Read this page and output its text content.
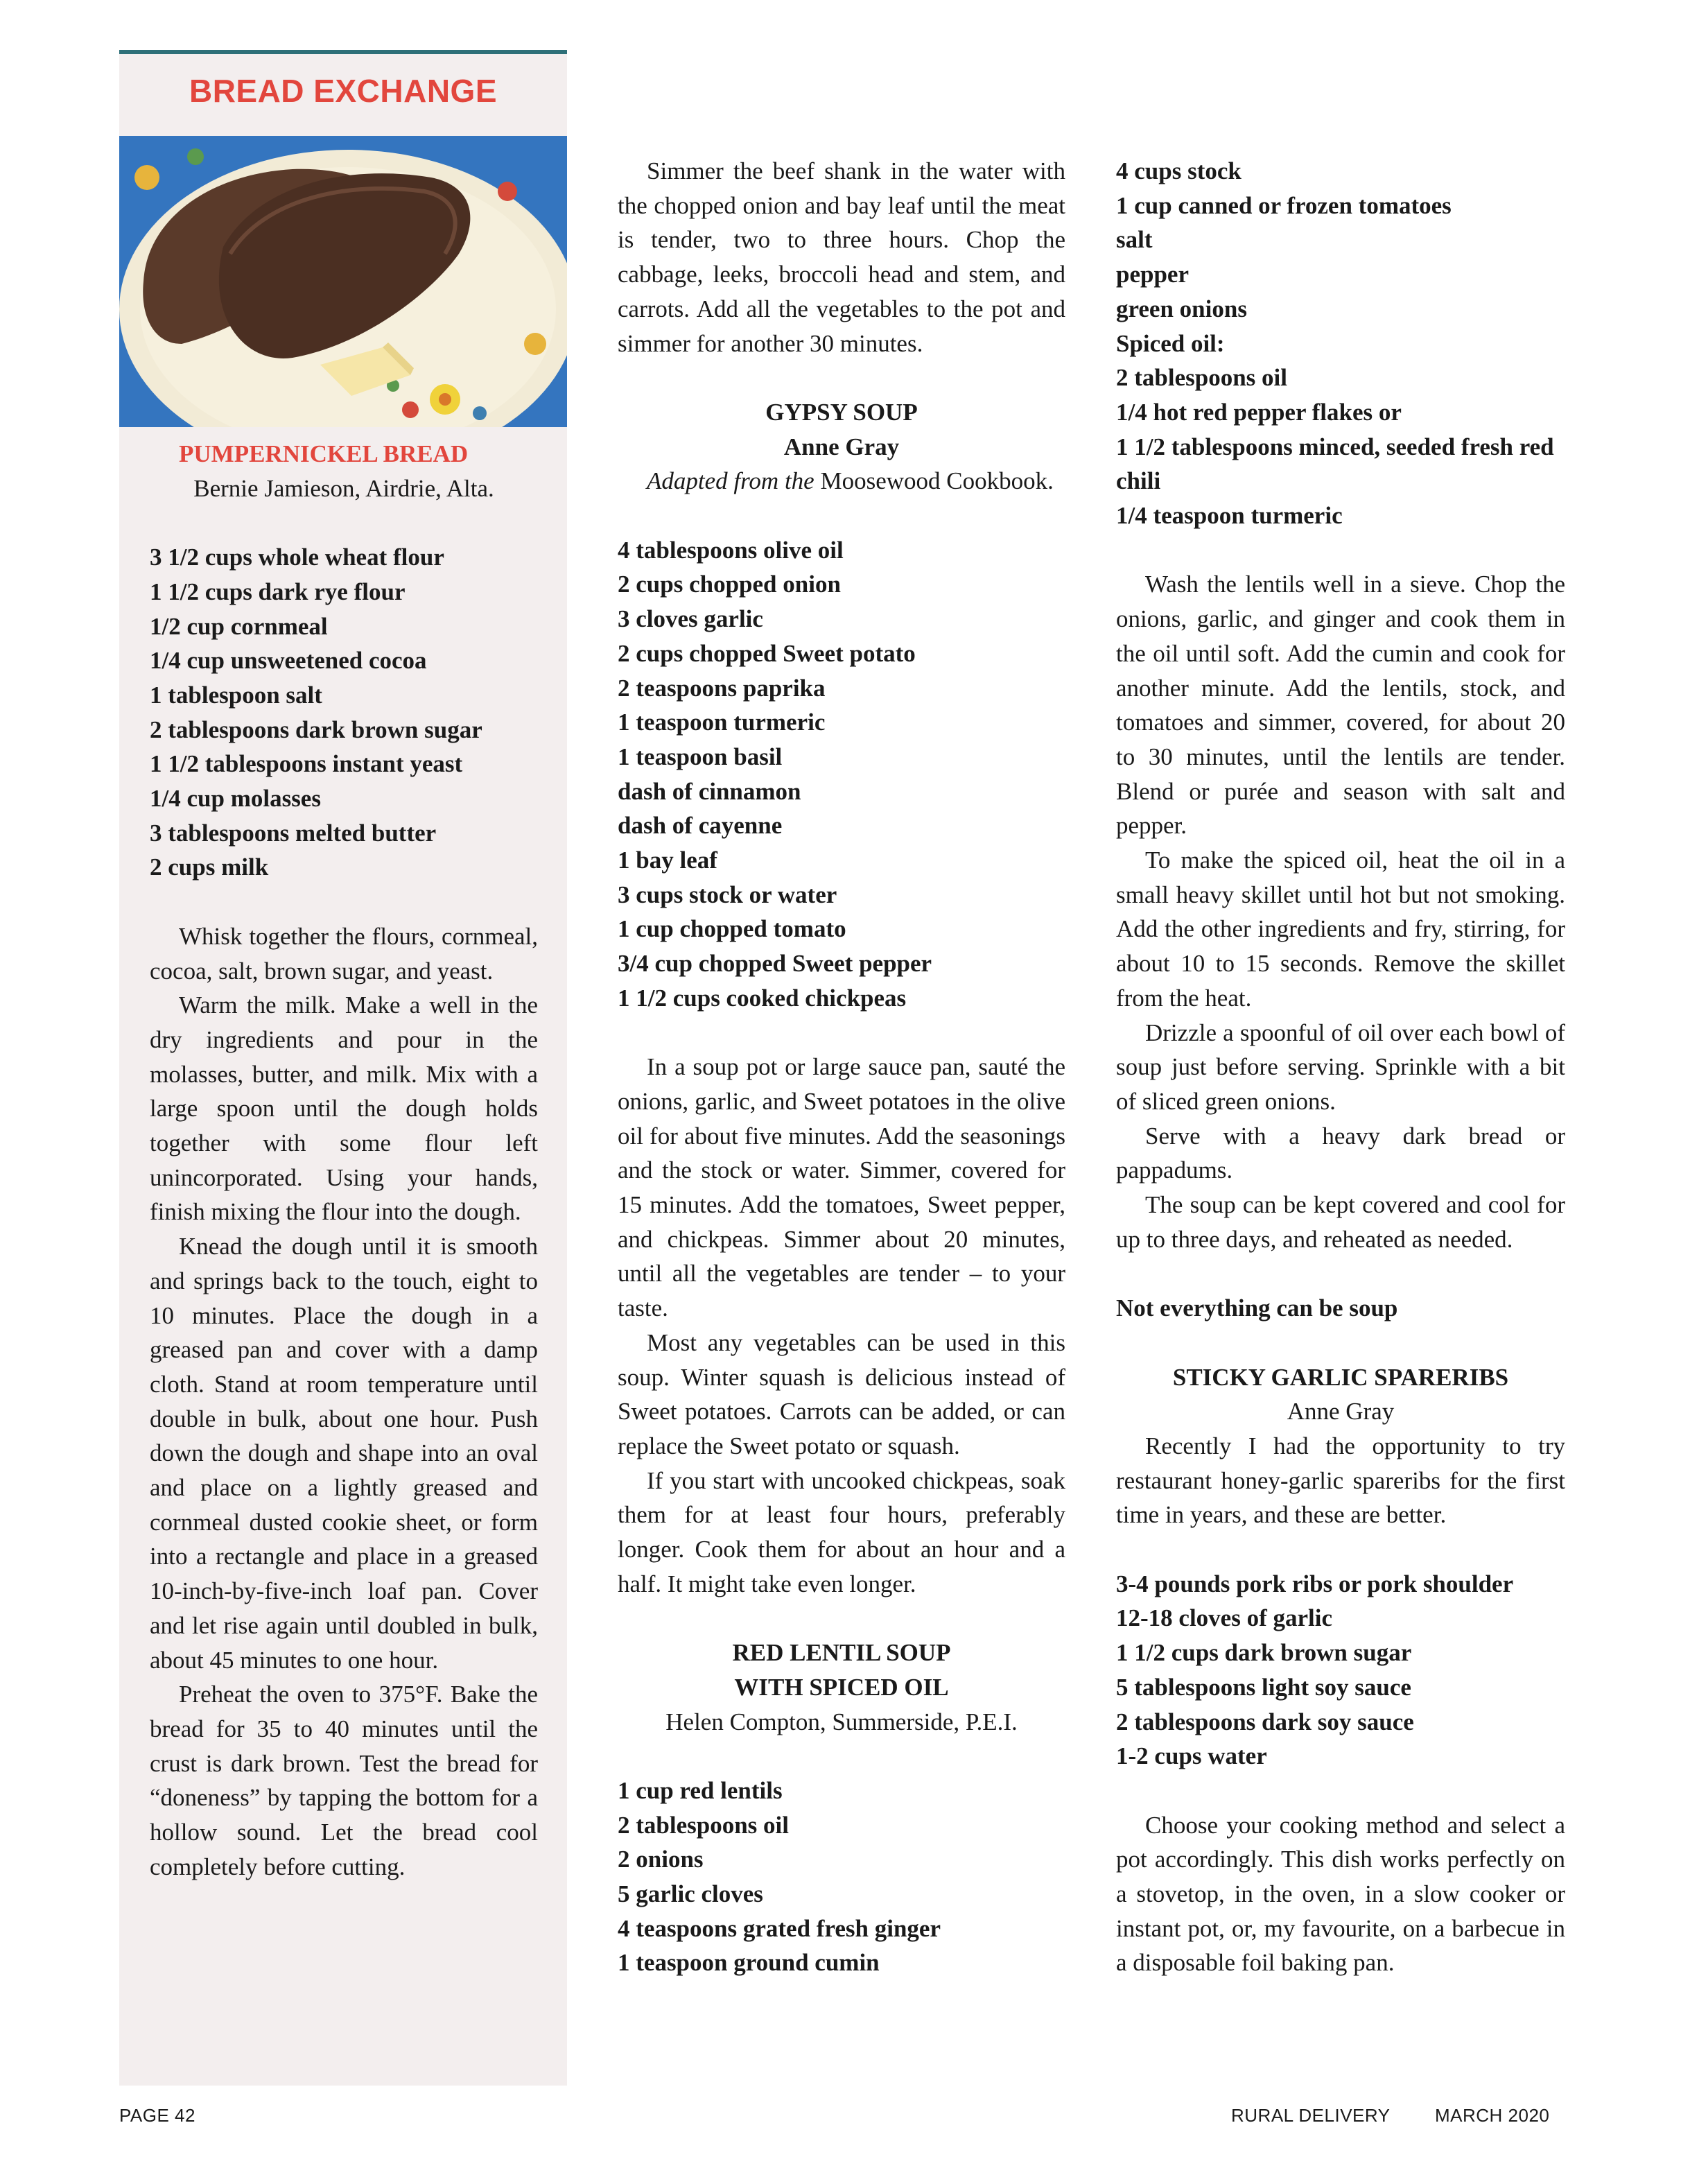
BREAD EXCHANGE

PUMPERNICKEL BREAD

Bernie Jamieson, Airdrie, Alta.

3 1/2 cups whole wheat flour

1 1/2 cups dark rye flour

1/2 cup cornmeal

1/4 cup unsweetened cocoa

1 tablespoon salt

2 tablespoons dark brown sugar

1 1/2 tablespoons instant yeast

1/4 cup molasses

3 tablespoons melted butter

2 cups milk

Whisk together the flours, cornmeal, cocoa, salt, brown sugar, and yeast.

Warm the milk. Make a well in the dry ingredients and pour in the molasses, butter, and milk. Mix with a large spoon until the dough holds together with some flour left unincorporated. Using your hands, finish mixing the flour into the dough.

Knead the dough until it is smooth and springs back to the touch, eight to 10 minutes. Place the dough in a greased pan and cover with a damp cloth. Stand at room temperature until double in bulk, about one hour. Push down the dough and shape into an oval and place on a lightly greased and cornmeal dusted cookie sheet, or form into a rectangle and place in a greased 10-inch-by-five-inch loaf pan. Cover and let rise again until doubled in bulk, about 45 minutes to one hour.

Preheat the oven to 375°F. Bake the bread for 35 to 40 minutes until the crust is dark brown. Test the bread for “doneness” by tapping the bottom for a hollow sound. Let the bread cool completely before cutting.

Simmer the beef shank in the water with the chopped onion and bay leaf until the meat is tender, two to three hours. Chop the cabbage, leeks, broccoli head and stem, and carrots. Add all the vegetables to the pot and simmer for another 30 minutes.

GYPSY SOUP

Anne Gray

Adapted from the Moosewood Cookbook.

4 tablespoons olive oil

2 cups chopped onion

3 cloves garlic

2 cups chopped Sweet potato

2 teaspoons paprika

1 teaspoon turmeric

1 teaspoon basil

dash of cinnamon

dash of cayenne

1 bay leaf

3 cups stock or water

1 cup chopped tomato

3/4 cup chopped Sweet pepper

1 1/2 cups cooked chickpeas

In a soup pot or large sauce pan, sauté the onions, garlic, and Sweet potatoes in the olive oil for about five minutes. Add the seasonings and the stock or water. Simmer, covered for 15 minutes. Add the tomatoes, Sweet pepper, and chickpeas. Simmer about 20 minutes, until all the vegetables are tender – to your taste.

Most any vegetables can be used in this soup. Winter squash is delicious instead of Sweet potatoes. Carrots can be added, or can replace the Sweet potato or squash.

If you start with uncooked chickpeas, soak them for at least four hours, preferably longer. Cook them for about an hour and a half. It might take even longer.

RED LENTIL SOUP

WITH SPICED OIL

Helen Compton, Summerside, P.E.I.

1 cup red lentils

2 tablespoons oil

2 onions

5 garlic cloves

4 teaspoons grated fresh ginger

1 teaspoon ground cumin

4 cups stock

1 cup canned or frozen tomatoes

salt

pepper

green onions

Spiced oil:

2 tablespoons oil

1/4 hot red pepper flakes or

1 1/2 tablespoons minced, seeded fresh red chili

1/4 teaspoon turmeric

Wash the lentils well in a sieve. Chop the onions, garlic, and ginger and cook them in the oil until soft. Add the cumin and cook for another minute. Add the lentils, stock, and tomatoes and simmer, covered, for about 20 to 30 minutes, until the lentils are tender. Blend or purée and season with salt and pepper.

To make the spiced oil, heat the oil in a small heavy skillet until hot but not smoking. Add the other ingredients and fry, stirring, for about 10 to 15 seconds. Remove the skillet from the heat.

Drizzle a spoonful of oil over each bowl of soup just before serving. Sprinkle with a bit of sliced green onions.

Serve with a heavy dark bread or pappadums.

The soup can be kept covered and cool for up to three days, and reheated as needed.

Not everything can be soup

STICKY GARLIC SPARERIBS

Anne Gray

Recently I had the opportunity to try restaurant honey-garlic spareribs for the first time in years, and these are better.

3-4 pounds pork ribs or pork shoulder

12-18 cloves of garlic

1 1/2 cups dark brown sugar

5 tablespoons light soy sauce

2 tablespoons dark soy sauce

1-2 cups water

Choose your cooking method and select a pot accordingly. This dish works perfectly on a stovetop, in the oven, in a slow cooker or instant pot, or, my favourite, on a barbecue in a disposable foil baking pan.

PAGE 42	RURAL DELIVERY MARCH 2020
